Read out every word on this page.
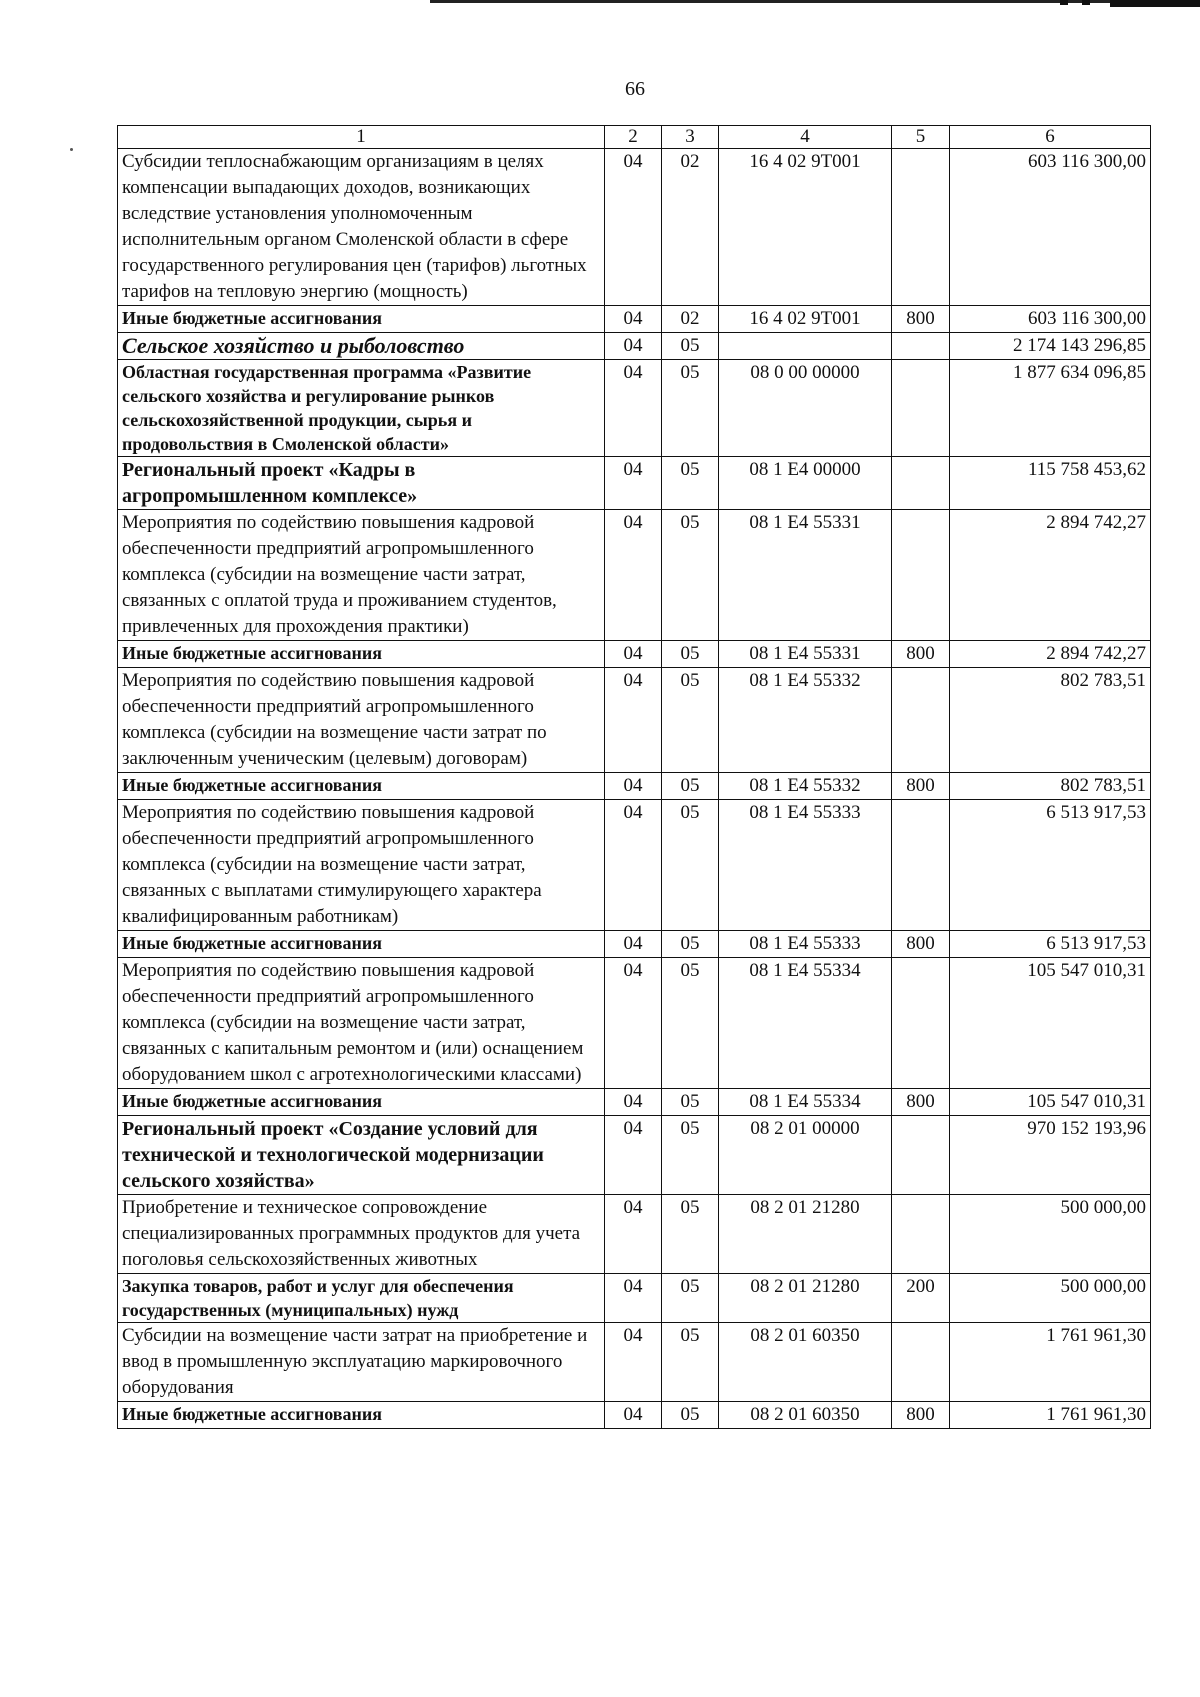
66
1	2	3	4	5	6
Субсидии теплоснабжающим организациям в целях компенсации выпадающих доходов, возникающих вследствие установления уполномоченным исполнительным органом Смоленской области в сфере государственного регулирования цен (тарифов) льготных тарифов на тепловую энергию (мощность)	04	02	16 4 02 9Т001		603 116 300,00
Иные бюджетные ассигнования	04	02	16 4 02 9Т001	800	603 116 300,00
Сельское хозяйство и рыболовство	04	05			2 174 143 296,85
Областная государственная программа «Развитие сельского хозяйства и регулирование рынков сельскохозяйственной продукции, сырья и продовольствия в Смоленской области»	04	05	08 0 00 00000		1 877 634 096,85
Региональный проект «Кадры в агропромышленном комплексе»	04	05	08 1 Е4 00000		115 758 453,62
Мероприятия по содействию повышения кадровой обеспеченности предприятий агропромышленного комплекса (субсидии на возмещение части затрат, связанных с оплатой труда и проживанием студентов, привлеченных для прохождения практики)	04	05	08 1 Е4 55331		2 894 742,27
Иные бюджетные ассигнования	04	05	08 1 Е4 55331	800	2 894 742,27
Мероприятия по содействию повышения кадровой обеспеченности предприятий агропромышленного комплекса (субсидии на возмещение части затрат по заключенным ученическим (целевым) договорам)	04	05	08 1 Е4 55332		802 783,51
Иные бюджетные ассигнования	04	05	08 1 Е4 55332	800	802 783,51
Мероприятия по содействию повышения кадровой обеспеченности предприятий агропромышленного комплекса (субсидии на возмещение части затрат, связанных с выплатами стимулирующего характера квалифицированным работникам)	04	05	08 1 Е4 55333		6 513 917,53
Иные бюджетные ассигнования	04	05	08 1 Е4 55333	800	6 513 917,53
Мероприятия по содействию повышения кадровой обеспеченности предприятий агропромышленного комплекса (субсидии на возмещение части затрат, связанных с капитальным ремонтом и (или) оснащением оборудованием школ с агротехнологическими классами)	04	05	08 1 Е4 55334		105 547 010,31
Иные бюджетные ассигнования	04	05	08 1 Е4 55334	800	105 547 010,31
Региональный проект «Создание условий для технической и технологической модернизации сельского хозяйства»	04	05	08 2 01 00000		970 152 193,96
Приобретение и техническое сопровождение специализированных программных продуктов для учета поголовья сельскохозяйственных животных	04	05	08 2 01 21280		500 000,00
Закупка товаров, работ и услуг для обеспечения государственных (муниципальных) нужд	04	05	08 2 01 21280	200	500 000,00
Субсидии на возмещение части затрат на приобретение и ввод в промышленную эксплуатацию маркировочного оборудования	04	05	08 2 01 60350		1 761 961,30
Иные бюджетные ассигнования	04	05	08 2 01 60350	800	1 761 961,30
